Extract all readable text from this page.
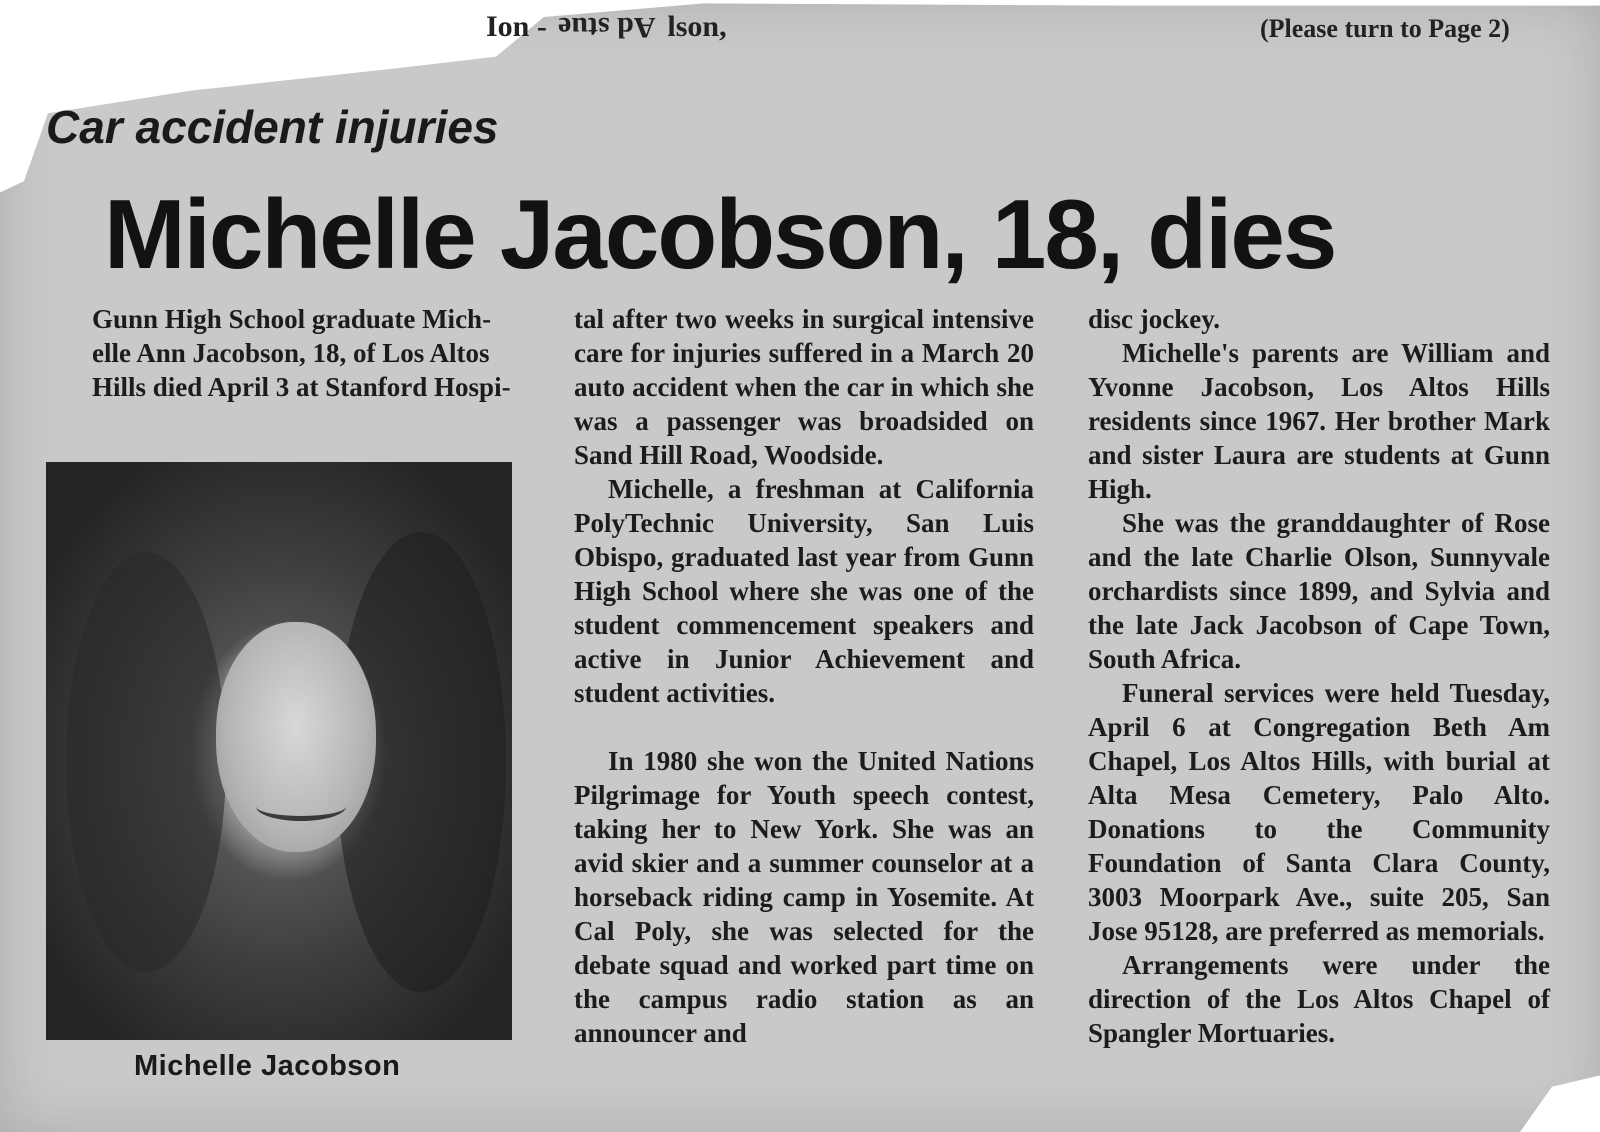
Ion - Ad stue lson,	(Please turn to Page 2)
Car accident injuries
Michelle Jacobson, 18, dies

Gunn High School graduate Mich-elle Ann Jacobson, 18, of Los Altos Hills died April 3 at Stanford Hospi-

Michelle Jacobson

tal after two weeks in surgical intensive care for injuries suffered in a March 20 auto accident when the car in which she was a passenger was broadsided on Sand Hill Road, Woodside.

Michelle, a freshman at California PolyTechnic University, San Luis Obispo, graduated last year from Gunn High School where she was one of the student commencement speakers and active in Junior Achievement and student activities.

In 1980 she won the United Nations Pilgrimage for Youth speech contest, taking her to New York. She was an avid skier and a summer counselor at a horseback riding camp in Yosemite. At Cal Poly, she was selected for the debate squad and worked part time on the campus radio station as an announcer and

disc jockey.

Michelle's parents are William and Yvonne Jacobson, Los Altos Hills residents since 1967. Her brother Mark and sister Laura are students at Gunn High.

She was the granddaughter of Rose and the late Charlie Olson, Sunnyvale orchardists since 1899, and Sylvia and the late Jack Jacobson of Cape Town, South Africa.

Funeral services were held Tuesday, April 6 at Congregation Beth Am Chapel, Los Altos Hills, with burial at Alta Mesa Cemetery, Palo Alto. Donations to the Community Foundation of Santa Clara County, 3003 Moorpark Ave., suite 205, San Jose 95128, are preferred as memorials.

Arrangements were under the direction of the Los Altos Chapel of Spangler Mortuaries.
